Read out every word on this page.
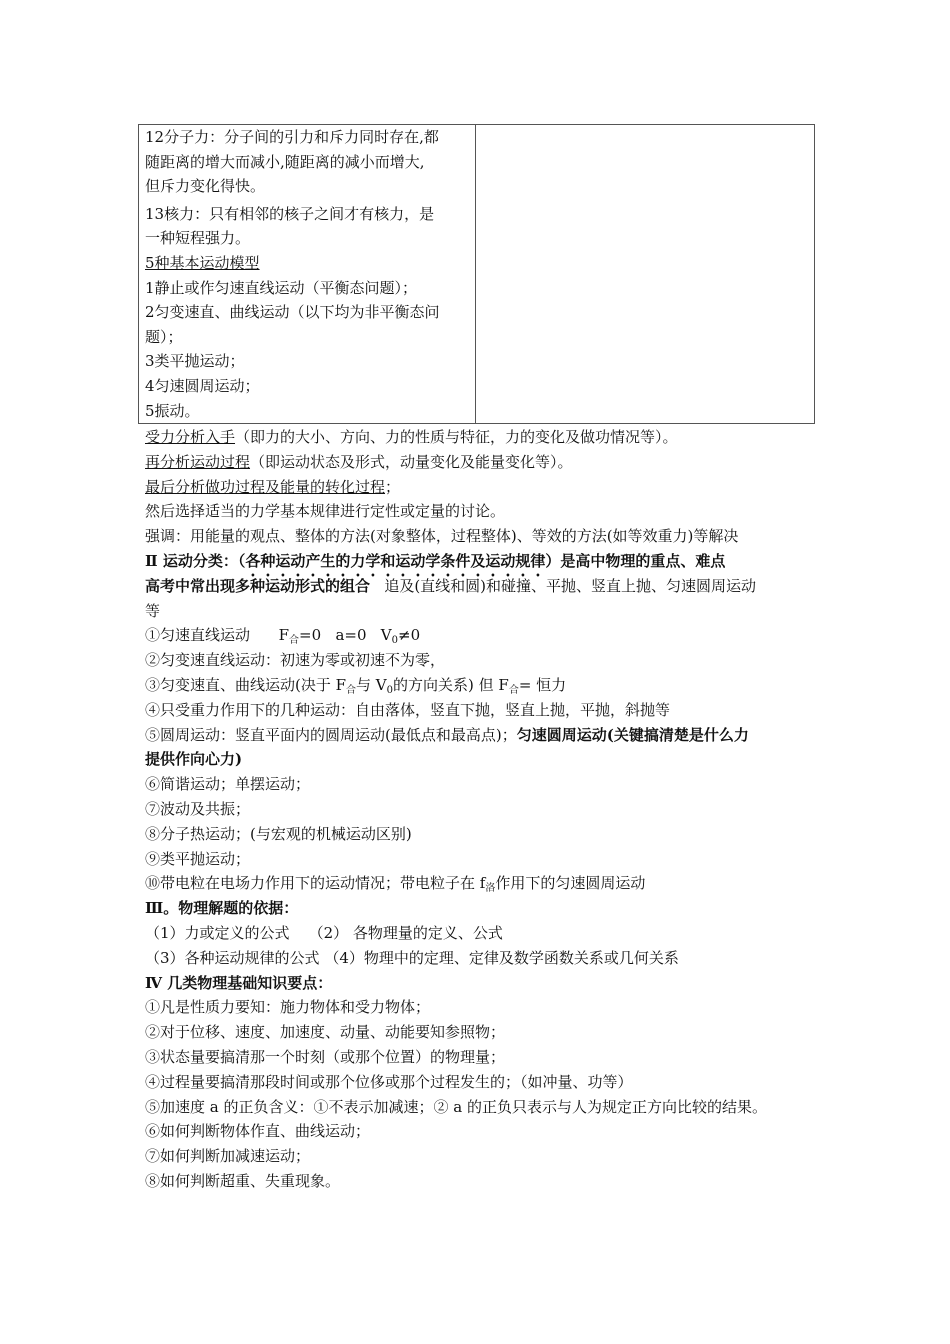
12分子力：分子间的引力和斥力同时存在,都
随距离的增大而减小,随距离的减小而增大,
但斥力变化得快。
13核力：只有相邻的核子之间才有核力，是
一种短程强力。
5种基本运动模型
1静止或作匀速直线运动（平衡态问题）；
2匀变速直、曲线运动（以下均为非平衡态问
题）；
3类平抛运动；
4匀速圆周运动；
5振动。
受力分析入手（即力的大小、方向、力的性质与特征，力的变化及做功情况等）。
再分析运动过程（即运动状态及形式，动量变化及能量变化等）。
最后分析做功过程及能量的转化过程；
然后选择适当的力学基本规律进行定性或定量的讨论。
强调：用能量的观点、整体的方法(对象整体，过程整体)、等效的方法(如等效重力)等解决
Ⅱ 运动分类：（各种运动产生的力学和运动学条件及运动规律）是高中物理的重点、难点
高考中常出现多种运动形式的组合   追及(直线和圆)和碰撞、平抛、竖直上抛、匀速圆周运动
等
①匀速直线运动      $F_合=0$   a=0   $V_0\ne 0$
②匀变速直线运动：初速为零或初速不为零，
③匀变速直、曲线运动(决于 $F_合$与 $V_0$的方向关系) 但 $F_合=$ 恒力
④只受重力作用下的几种运动：自由落体，竖直下抛，竖直上抛，平抛，斜抛等
⑤圆周运动：竖直平面内的圆周运动(最低点和最高点)；匀速圆周运动(关键搞清楚是什么力
提供作向心力)
⑥简谐运动；单摆运动；
⑦波动及共振；
⑧分子热运动；(与宏观的机械运动区别)
⑨类平抛运动；
⑩带电粒在电场力作用下的运动情况；带电粒子在 $f_洛$作用下的匀速圆周运动
Ⅲ。物理解题的依据：
（1）力或定义的公式    （2） 各物理量的定义、公式
（3）各种运动规律的公式 （4）物理中的定理、定律及数学函数关系或几何关系
Ⅳ 几类物理基础知识要点：
①凡是性质力要知：施力物体和受力物体；
②对于位移、速度、加速度、动量、动能要知参照物；
③状态量要搞清那一个时刻（或那个位置）的物理量；
④过程量要搞清那段时间或那个位侈或那个过程发生的；（如冲量、功等）
⑤加速度 a 的正负含义：①不表示加减速；② a 的正负只表示与人为规定正方向比较的结果。
⑥如何判断物体作直、曲线运动；
⑦如何判断加减速运动；
⑧如何判断超重、失重现象。
